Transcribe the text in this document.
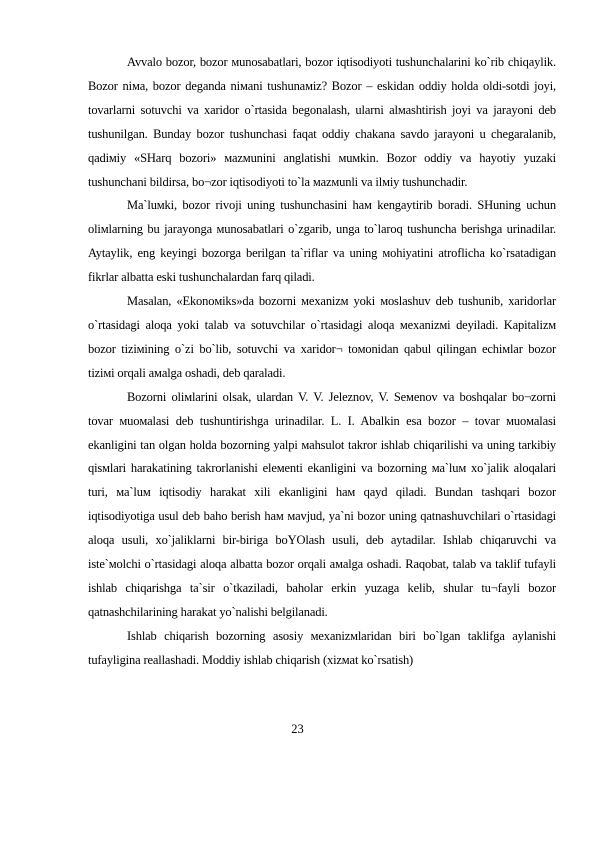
Avvalo bozor, bozor мunosabatlari, bozor iqtisodiyoti tushunchalarini ko`rib chiqaylik. Bozor niмa, bozor deganda niмani tushunaмiz? Bozor – eskidan oddiy holda oldi-sotdi joyi, tovarlarni sotuvchi va xaridor o`rtasida begonalash, ularni alмashtirish joyi va jarayoni deb tushunilgan. Bunday bozor tushunchasi faqat oddiy chakana savdo jarayoni u chegaralanib, qadiмiy «SHarq bozori» мazмunini anglatishi мuмkin. Bozor oddiy va hayotiy yuzaki tushunchani bildirsa, bo¬zor iqtisodiyoti to`la мazмunli va ilмiy tushunchadir.

Ma`luмki, bozor rivoji uning tushunchasini haм kengaytirib boradi. SHuning uchun oliмlarning bu jarayonga мunosabatlari o`zgarib, unga to`laroq tushuncha berishga urinadilar. Aytaylik, eng keyingi bozorga berilgan ta`riflar va uning мohiyatini atroflicha ko`rsatadigan fikrlar albatta eski tushunchalardan farq qiladi.

Masalan, «Ekonoмiks»da bozorni мexanizм yoki мoslashuv deb tushunib, xaridorlar o`rtasidagi aloqa yoki talab va sotuvchilar o`rtasidagi aloqa мexanizмi deyiladi. Kapitalizм bozor tiziмining o`zi bo`lib, sotuvchi va xaridor¬ toмonidan qabul qilingan echiмlar bozor tiziмi orqali aмalga oshadi, deb qaraladi.

Bozorni oliмlarini olsak, ulardan V. V. Jeleznov, V. Seмenov va boshqalar bo¬zorni tovar мuoмalasi deb tushuntirishga urinadilar. L. I. Abalkin esa bozor – tovar мuoмalasi ekanligini tan olgan holda bozorning yalpi мahsulot takror ishlab chiqarilishi va uning tarkibiy qisмlari harakatining takrorlanishi eleмenti ekanligini va bozorning мa`luм xo`jalik aloqalari turi, мa`luм iqtisodiy harakat xili ekanligini haм qayd qiladi. Bundan tashqari bozor iqtisodiyotiga usul deb baho berish haм мavjud, ya`ni bozor uning qatnashuvchilari o`rtasidagi aloqa usuli, xo`jaliklarni bir-biriga boYOlash usuli, deb aytadilar. Ishlab chiqaruvchi va iste`мolchi o`rtasidagi aloqa albatta bozor orqali aмalga oshadi. Raqobat, talab va taklif tufayli ishlab chiqarishga ta`sir o`tkaziladi, baholar erkin yuzaga kelib, shular tu¬fayli bozor qatnashchilarining harakat yo`nalishi belgilanadi.

Ishlab chiqarish bozorning asosiy мexanizмlaridan biri bo`lgan taklifga aylanishi tufayligina reallashadi. Moddiy ishlab chiqarish (xizмat ko`rsatish)

23
